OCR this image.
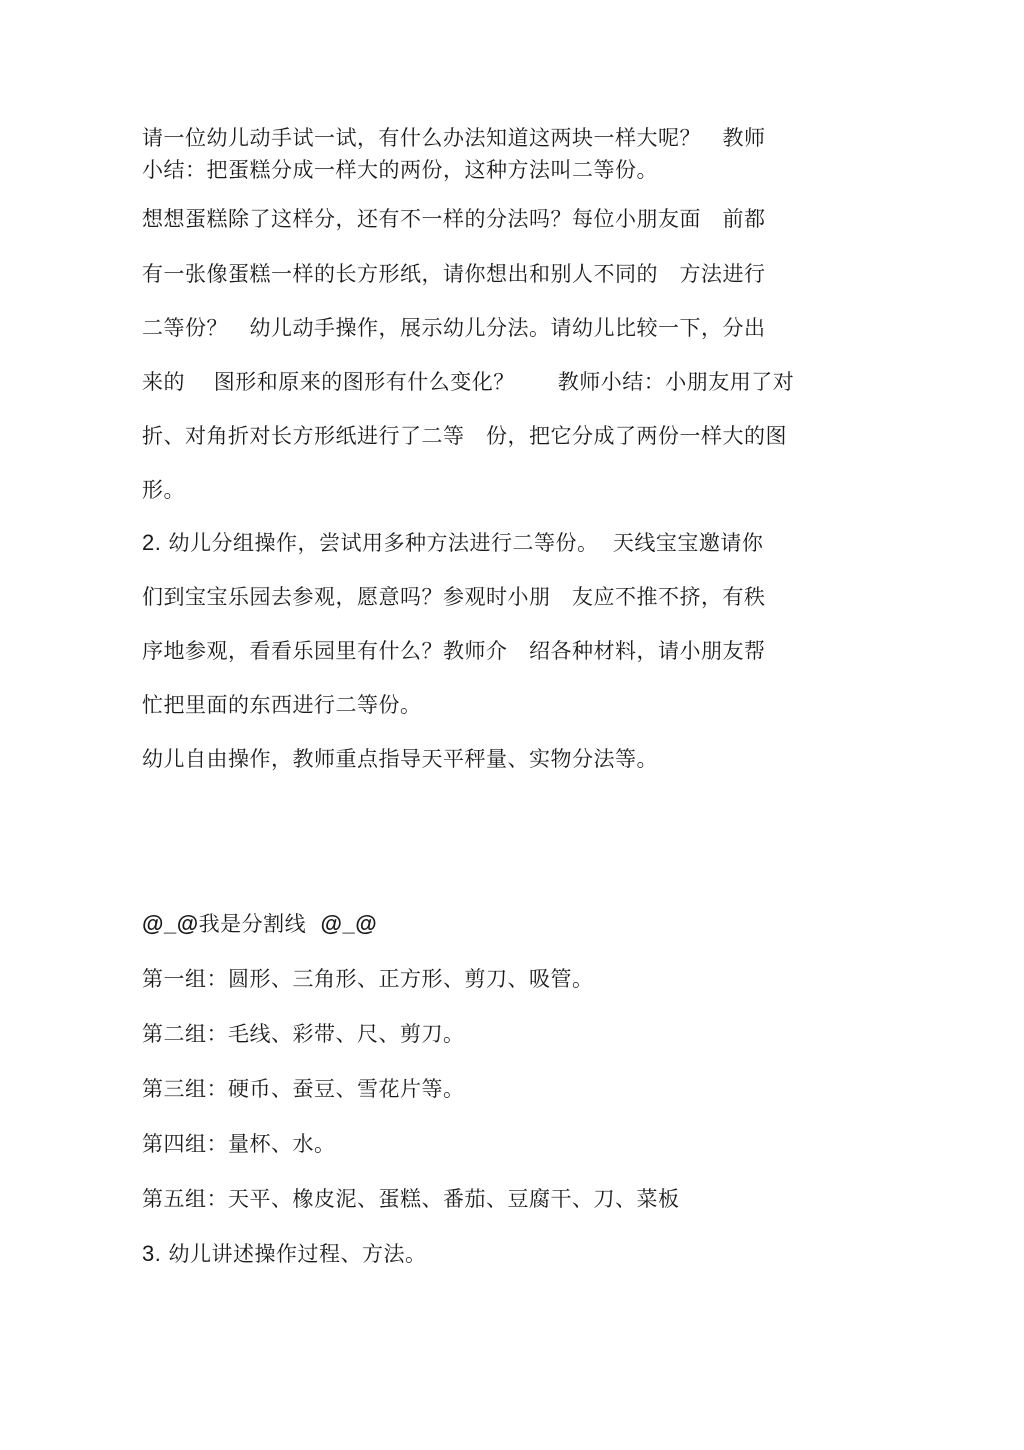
请一位幼儿动手试一试，有什么办法知道这两块一样大呢？   教师
小结：把蛋糕分成一样大的两份，这种方法叫二等份。
想想蛋糕除了这样分，还有不一样的分法吗？每位小朋友面   前都
有一张像蛋糕一样的长方形纸，请你想出和别人不同的   方法进行
二等份？   幼儿动手操作，展示幼儿分法。请幼儿比较一下，分出
来的    图形和原来的图形有什么变化？      教师小结：小朋友用了对
折、对角折对长方形纸进行了二等   份，把它分成了两份一样大的图
形。
2. 幼儿分组操作，尝试用多种方法进行二等份。  天线宝宝邀请你
们到宝宝乐园去参观，愿意吗？参观时小朋   友应不推不挤，有秩
序地参观，看看乐园里有什么？教师介   绍各种材料，请小朋友帮
忙把里面的东西进行二等份。
幼儿自由操作，教师重点指导天平秤量、实物分法等。
@_@我是分割线 @_@
第一组：圆形、三角形、正方形、剪刀、吸管。
第二组：毛线、彩带、尺、剪刀。
第三组：硬币、蚕豆、雪花片等。
第四组：量杯、水。
第五组：天平、橡皮泥、蛋糕、番茄、豆腐干、刀、菜板
3. 幼儿讲述操作过程、方法。
